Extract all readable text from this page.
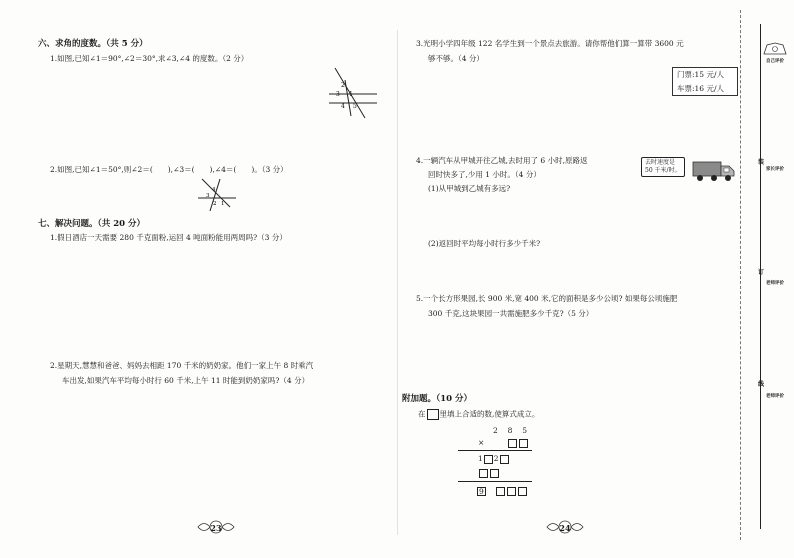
六、求角的度数。（共 5 分）
1.如图,已知∠1＝90°,∠2＝30°,求∠3,∠4 的度数。（2 分）
2
3 1
4 5
2.如图,已知∠1＝50°,则∠2＝(　　),∠3＝(　　),∠4＝(　　)。（3 分）
4
3
2 1
七、解决问题。（共 20 分）
1.假日酒店一天需要 280 千克面粉,运回 4 吨面粉能用两周吗?（3 分）
2.星期天,慧慧和爸爸、妈妈去相距 170 千米的奶奶家。他们一家上午 8 时乘汽
车出发,如果汽车平均每小时行 60 千米,上午 11 时能到奶奶家吗?（4 分）
23
3.光明小学四年级 122 名学生到一个景点去旅游。请你帮他们算一算带 3600 元
够不够。（4 分）
门票:15 元/人
车票:16 元/人
4.一辆汽车从甲城开往乙城,去时用了 6 小时,原路返
回时快多了,少用 1 小时。（4 分）
(1)从甲城到乙城有多远?
(2)返回时平均每小时行多少千米?
去时速度是
50 千米/时。
5.一个长方形果园,长 900 米,宽 400 米,它的面积是多少公顷? 如果每公顷施肥
300 千克,这块果园一共需施肥多少千克?（5 分）
附加题。（10 分）
在 里填上合适的数,使算式成立。
2 8 5
×
1 2
9
24
自己评价
装
家长评价
订
老师评价
线
老师评价
